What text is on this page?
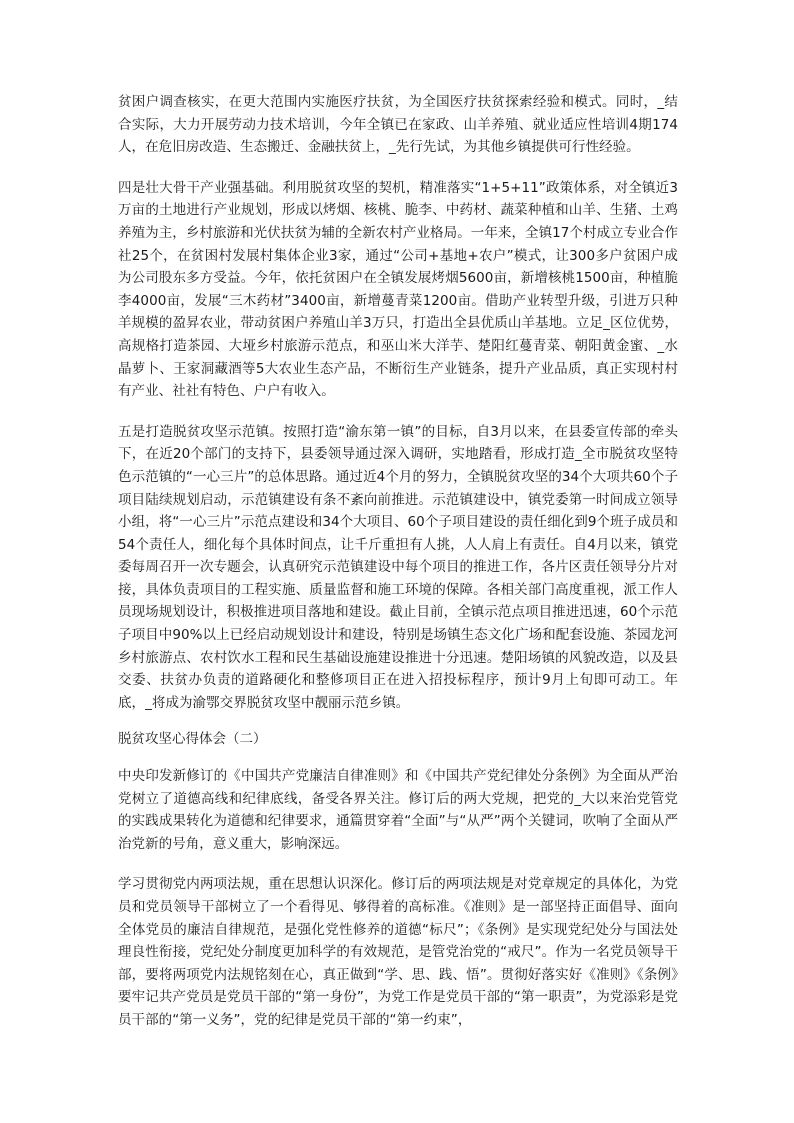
贫困户调查核实，在更大范围内实施医疗扶贫，为全国医疗扶贫探索经验和模式。同时，_结合实际，大力开展劳动力技术培训，今年全镇已在家政、山羊养殖、就业适应性培训4期174人，在危旧房改造、生态搬迁、金融扶贫上，_先行先试，为其他乡镇提供可行性经验。

四是壮大骨干产业强基础。利用脱贫攻坚的契机，精准落实“1+5+11”政策体系，对全镇近3万亩的土地进行产业规划，形成以烤烟、核桃、脆李、中药材、蔬菜种植和山羊、生猪、土鸡养殖为主，乡村旅游和光伏扶贫为辅的全新农村产业格局。一年来，全镇17个村成立专业合作社25个，在贫困村发展村集体企业3家，通过“公司+基地+农户”模式，让300多户贫困户成为公司股东多方受益。今年，依托贫困户在全镇发展烤烟5600亩，新增核桃1500亩，种植脆李4000亩，发展“三木药材”3400亩，新增蔓青菜1200亩。借助产业转型升级，引进万只种羊规模的盈昇农业，带动贫困户养殖山羊3万只，打造出全县优质山羊基地。立足_区位优势，高规格打造茶园、大垭乡村旅游示范点，和巫山米大洋芋、楚阳红蔓青菜、朝阳黄金蜜、_水晶萝卜、王家洞藏酒等5大农业生态产品，不断衍生产业链条，提升产业品质，真正实现村村有产业、社社有特色、户户有收入。

五是打造脱贫攻坚示范镇。按照打造“渝东第一镇”的目标，自3月以来，在县委宣传部的牵头下，在近20个部门的支持下，县委领导通过深入调研，实地踏看，形成打造_全市脱贫攻坚特色示范镇的“一心三片”的总体思路。通过近4个月的努力，全镇脱贫攻坚的34个大项共60个子项目陆续规划启动，示范镇建设有条不紊向前推进。示范镇建设中，镇党委第一时间成立领导小组，将“一心三片”示范点建设和34个大项目、60个子项目建设的责任细化到9个班子成员和54个责任人，细化每个具体时间点，让千斤重担有人挑，人人肩上有责任。自4月以来，镇党委每周召开一次专题会，认真研究示范镇建设中每个项目的推进工作，各片区责任领导分片对接，具体负责项目的工程实施、质量监督和施工环境的保障。各相关部门高度重视，派工作人员现场规划设计，积极推进项目落地和建设。截止目前，全镇示范点项目推进迅速，60个示范子项目中90%以上已经启动规划设计和建设，特别是场镇生态文化广场和配套设施、茶园龙河乡村旅游点、农村饮水工程和民生基础设施建设推进十分迅速。楚阳场镇的风貌改造，以及县交委、扶贫办负责的道路硬化和整修项目正在进入招投标程序，预计9月上旬即可动工。年底，_将成为渝鄂交界脱贫攻坚中靓丽示范乡镇。

脱贫攻坚心得体会（二）

中央印发新修订的《中国共产党廉洁自律准则》和《中国共产党纪律处分条例》为全面从严治党树立了道德高线和纪律底线，备受各界关注。修订后的两大党规，把党的_大以来治党管党的实践成果转化为道德和纪律要求，通篇贯穿着“全面”与“从严”两个关键词，吹响了全面从严治党新的号角，意义重大，影响深远。

学习贯彻党内两项法规，重在思想认识深化。修订后的两项法规是对党章规定的具体化，为党员和党员领导干部树立了一个看得见、够得着的高标准。《准则》是一部坚持正面倡导、面向全体党员的廉洁自律规范，是强化党性修养的道德“标尺”；《条例》是实现党纪处分与国法处理良性衔接，党纪处分制度更加科学的有效规范，是管党治党的“戒尺”。作为一名党员领导干部，要将两项党内法规铭刻在心，真正做到“学、思、践、悟”。贯彻好落实好《准则》《条例》要牢记共产党员是党员干部的“第一身份”，为党工作是党员干部的“第一职责”，为党添彩是党员干部的“第一义务”，党的纪律是党员干部的“第一约束”，
